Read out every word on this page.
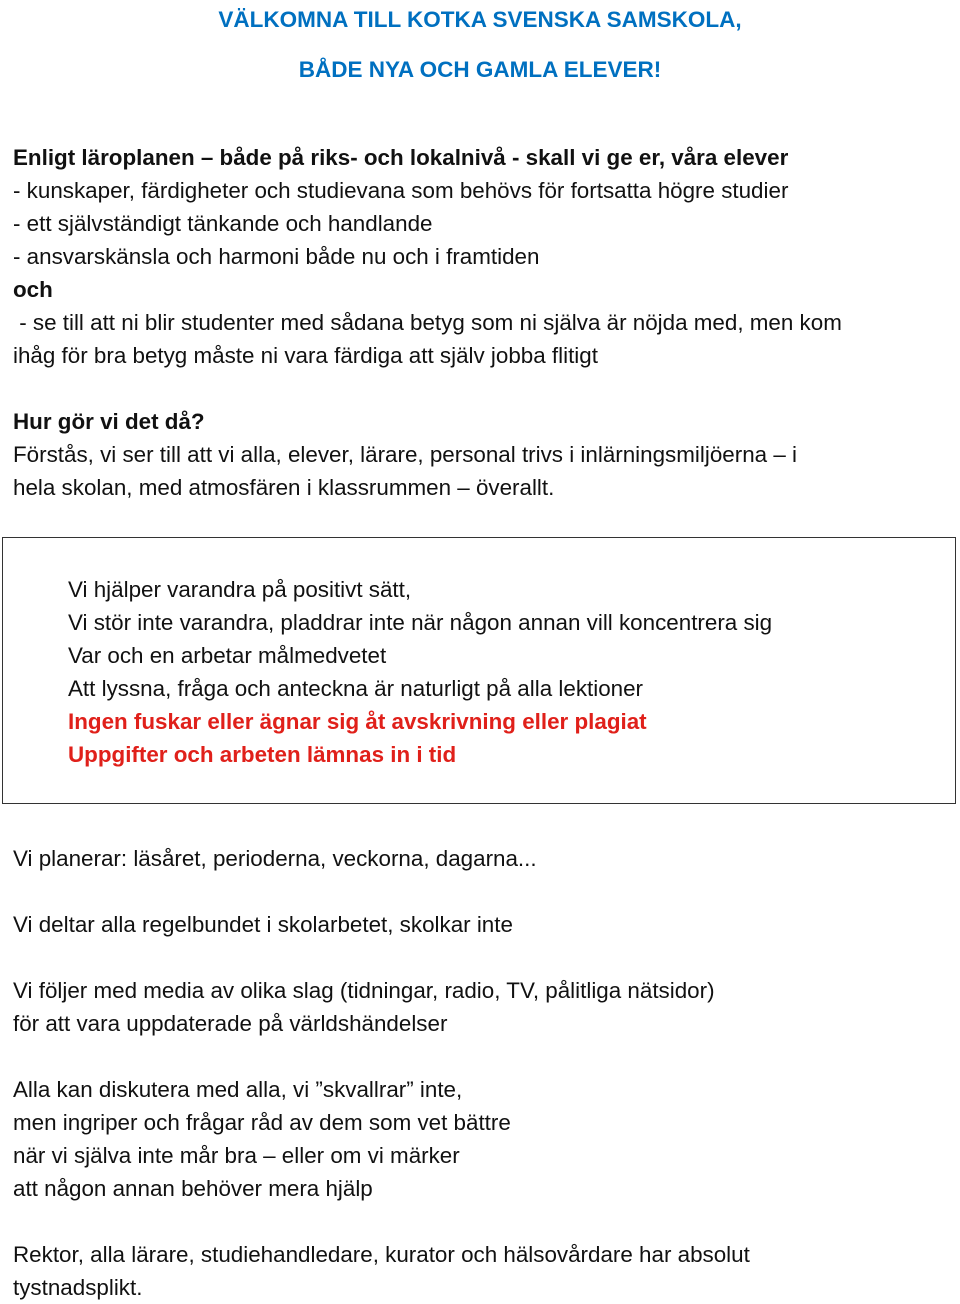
VÄLKOMNA TILL KOTKA SVENSKA SAMSKOLA,

BÅDE NYA OCH GAMLA ELEVER!

Enligt läroplanen – både på riks- och lokalnivå - skall vi ge er, våra elever

- kunskaper, färdigheter och studievana som behövs för fortsatta högre studier

- ett självständigt tänkande och handlande

- ansvarskänsla och harmoni både nu och i framtiden

och

- se till att ni blir studenter med sådana betyg som ni själva är nöjda med, men kom

ihåg för bra betyg måste ni vara färdiga att själv jobba flitigt

Hur gör vi det då?

Förstås, vi ser till att vi alla, elever, lärare, personal trivs i inlärningsmiljöerna – i

hela skolan, med atmosfären i klassrummen – överallt.

Vi hjälper varandra på positivt sätt,

Vi stör inte varandra, pladdrar inte när någon annan vill koncentrera sig

Var och en arbetar målmedvetet

Att lyssna, fråga och anteckna är naturligt på alla lektioner

Ingen fuskar eller ägnar sig åt avskrivning eller plagiat

Uppgifter och arbeten lämnas in i tid

Vi planerar: läsåret, perioderna, veckorna, dagarna...

Vi deltar alla regelbundet i skolarbetet, skolkar inte

Vi följer med media av olika slag (tidningar, radio, TV, pålitliga nätsidor)

för att vara uppdaterade på världshändelser

Alla kan diskutera med alla, vi ”skvallrar” inte,

men ingriper och frågar råd av dem som vet bättre

när vi själva inte mår bra – eller om vi märker

att någon annan behöver mera hjälp

Rektor, alla lärare, studiehandledare, kurator och hälsovårdare har absolut

tystnadsplikt.
